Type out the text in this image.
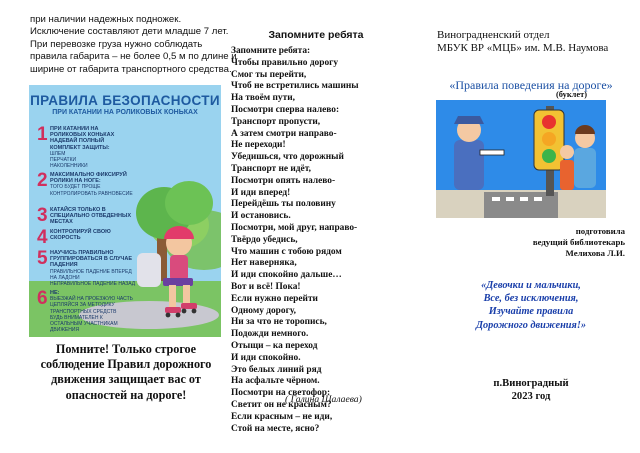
при наличии надежных подножек.
Исключение составляют дети младше 7 лет.
При перевозке груза нужно соблюдать
правила габарита – не более 0,5 м по длине и
ширине от габарита транспортного средства.
ПРАВИЛА БЕЗОПАСНОСТИ
ПРИ КАТАНИИ НА РОЛИКОВЫХ КОНЬКАХ
1 ПРИ КАТАНИИ НА РОЛИКОВЫХ КОНЬКАХ НАДЕВАЙ ПОЛНЫЙ КОМПЛЕКТ ЗАЩИТЫ:
ШЛЕМ
ПЕРЧАТКИ
НАКОЛЕННИКИ
2 МАКСИМАЛЬНО ФИКСИРУЙ РОЛИКИ НА НОГЕ:
ТОГО БУДЕТ ПРОЩЕ КОНТРОЛИРОВАТЬ РАВНОВЕСИЕ
3 КАТАЙСЯ ТОЛЬКО В СПЕЦИАЛЬНО ОТВЕДЕННЫХ МЕСТАХ
4 КОНТРОЛИРУЙ СВОЮ СКОРОСТЬ
5 НАУЧИСЬ ПРАВИЛЬНО ГРУППИРОВАТЬСЯ В СЛУЧАЕ ПАДЕНИЯ
ПРАВИЛЬНОЕ ПАДЕНИЕ ВПЕРЕД НА ЛАДОНИ
НЕПРАВИЛЬНОЕ ПАДЕНИЕ НАЗАД
6 НЕ:
ВЫЕЗЖАЙ НА ПРОЕЗЖУЮ ЧАСТЬ
ЦЕПЛЯЙСЯ ЗА МЕТОДИКУ ТРАНСПОРТНЫХ СРЕДСТВ
БУДЬ ВНИМАТЕЛЕН К ОСТАЛЬНЫМ УЧАСТНИКАМ ДВИЖЕНИЯ
Помните! Только строгое
соблюдение Правил дорожного
движения защищает вас от
опасностей на дороге!
Запомните ребята
Запомните ребята:
Чтобы правильно дорогу
Смог ты перейти,
Чтоб не встретились машины
На твоём пути,
Посмотри сперва налево:
Транспорт пропусти,
А затем смотри направо-
Не переходи!
Убедишься, что дорожный
Транспорт не идёт,
Посмотри опять налево-
И иди вперед!
Перейдёшь ты половину
И остановись.
Посмотри, мой друг, направо-
Твёрдо убедись,
Что машин с тобою рядом
Нет наверняка,
И иди спокойно дальше…
Вот и всё! Пока!
Если нужно перейти
Одному дорогу,
Ни за что не торопись,
Подожди немного.
Отыщи – ка переход
И иди спокойно.
Это белых линий ряд
На асфальте чёрном.
Посмотри на светофор:
Светит он не красным?
Если красным – не иди,
Стой на месте, ясно?
( Галина Шалаева)
Виноградненский отдел
МБУК ВР «МЦБ» им. М.В. Наумова
«Правила поведения на дороге»
(буклет)
подготовила
ведущий библиотекарь
Мелихова Л.И.
«Девочки и мальчики,
Все, без исключения,
Изучайте правила
Дорожного движения!»
п.Виноградный
2023 год
